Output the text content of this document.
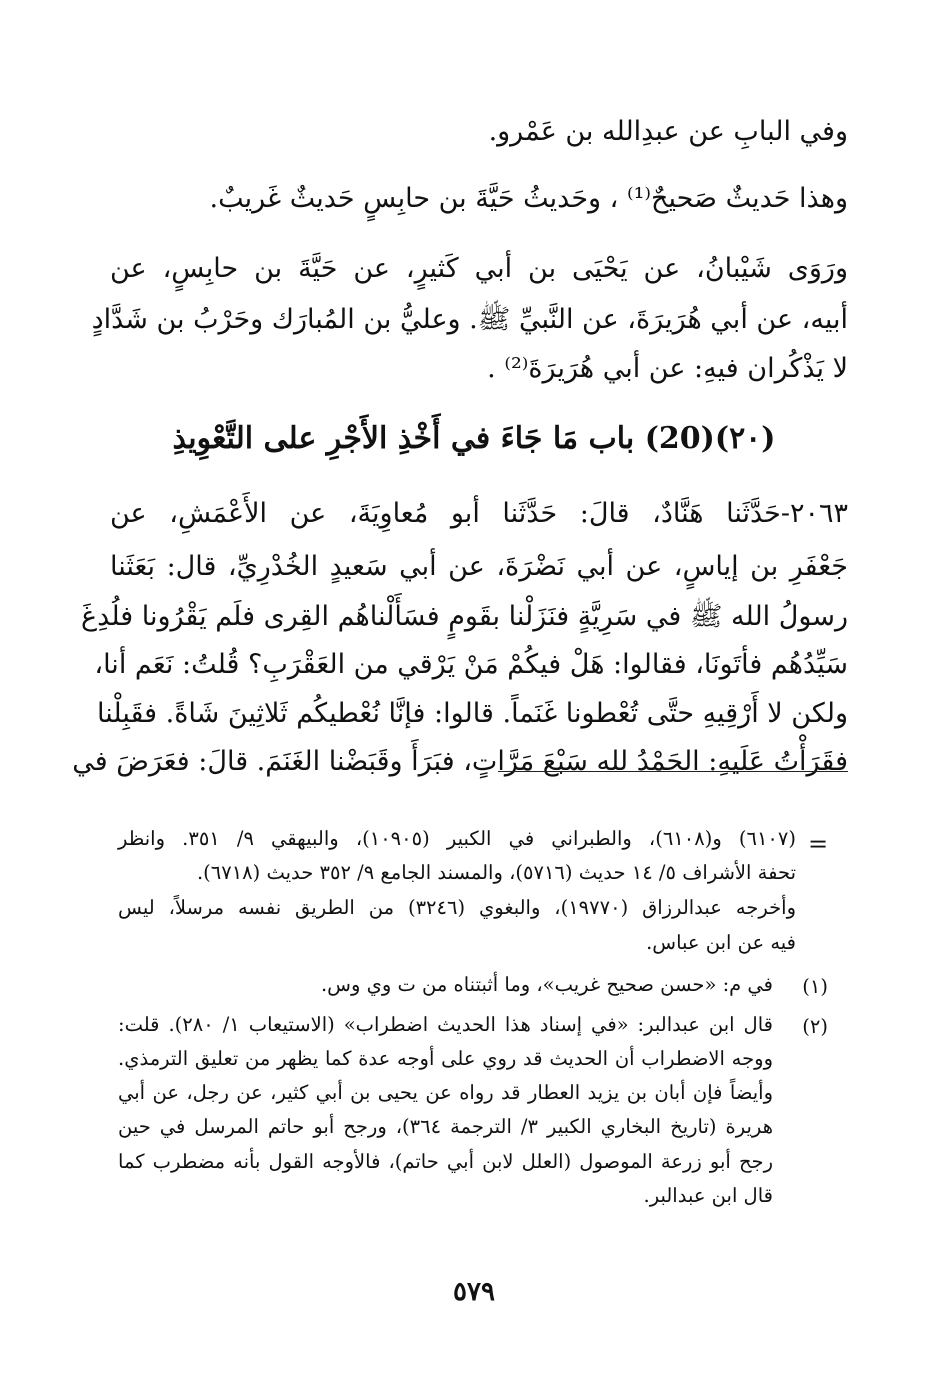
وفي البابِ عن عبدِالله بن عَمْرو.
وهذا حَديثٌ صَحيحٌ⁽¹⁾ ، وحَديثُ حَيَّةَ بن حابِسٍ حَديثٌ غَريبٌ.
ورَوَى شَيْبانُ، عن يَحْيَى بن أبي كَثيرٍ، عن حَيَّةَ بن حابِسٍ، عن
أبيه، عن أبي هُرَيرَةَ، عن النَّبيِّ ﷺ. وعليُّ بن المُبارَك وحَرْبُ بن شَدَّادٍ
لا يَذْكُران فيهِ: عن أبي هُرَيرَةَ⁽²⁾ .
(٢٠)(20) باب مَا جَاءَ في أَخْذِ الأَجْرِ على التَّعْوِيذِ
٢٠٦٣-حَدَّثَنا هَنَّادٌ، قالَ: حَدَّثَنا أبو مُعاوِيَةَ، عن الأَعْمَشِ، عن
جَعْفَرِ بن إياسٍ، عن أبي نَضْرَةَ، عن أبي سَعيدٍ الخُدْرِيِّ، قال: بَعَثَنا
رسولُ الله ﷺ في سَرِيَّةٍ فنَزَلْنا بقَومٍ فسَأَلْناهُم القِرى فلَم يَقْرُونا فلُدِغَ
سَيِّدُهُم فأتَونَا، فقالوا: هَلْ فيكُمْ مَنْ يَرْقي من العَقْرَبِ؟ قُلتُ: نَعَم أنا،
ولكن لا أَرْقِيهِ حتَّى تُعْطونا غَنَماً. قالوا: فإنَّا نُعْطيكُم ثَلاثِينَ شَاةً. فقَبِلْنا
فقَرَأْتُ عَلَيهِ: الحَمْدُ لله سَبْعَ مَرَّاتٍ، فبَرَأَ وقَبَضْنا الغَنَمَ. قالَ: فعَرَضَ في
=
(٦١٠٧) و(٦١٠٨)، والطبراني في الكبير (١٠٩٠٥)، والبيهقي ٩/ ٣٥١. وانظر
تحفة الأشراف ٥/ ١٤ حديث (٥٧١٦)، والمسند الجامع ٩/ ٣٥٢ حديث (٦٧١٨).
وأخرجه عبدالرزاق (١٩٧٧٠)، والبغوي (٣٢٤٦) من الطريق نفسه مرسلاً، ليس
فيه عن ابن عباس.
(١)
في م: «حسن صحيح غريب»، وما أثبتناه من ت وي وس.
(٢)
قال ابن عبدالبر: «في إسناد هذا الحديث اضطراب» (الاستيعاب ١/ ٢٨٠). قلت:
ووجه الاضطراب أن الحديث قد روي على أوجه عدة كما يظهر من تعليق الترمذي.
وأيضاً فإن أبان بن يزيد العطار قد رواه عن يحيى بن أبي كثير، عن رجل، عن أبي
هريرة (تاريخ البخاري الكبير ٣/ الترجمة ٣٦٤)، ورجح أبو حاتم المرسل في حين
رجح أبو زرعة الموصول (العلل لابن أبي حاتم)، فالأوجه القول بأنه مضطرب كما
قال ابن عبدالبر.
٥٧٩
